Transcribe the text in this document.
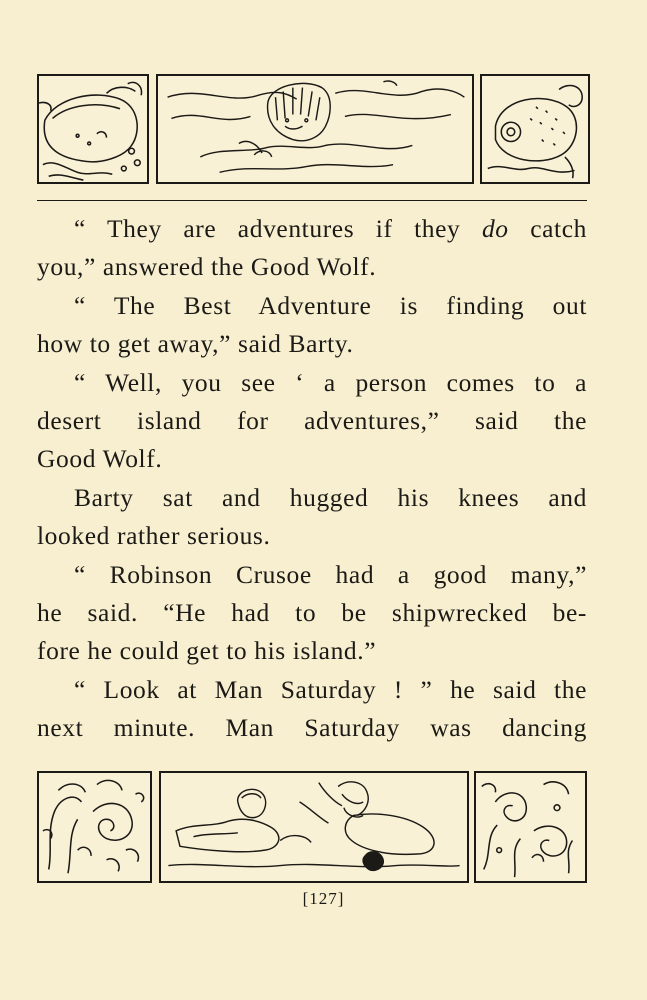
“ They are adventures if they do catch
you,” answered the Good Wolf.
“ The Best Adventure is finding out
how to get away,” said Barty.
“ Well, you see ‘ a person comes to a
desert island for adventures,” said the
Good Wolf.
Barty sat and hugged his knees and
looked rather serious.
“ Robinson Crusoe had a good many,”
he said. “He had to be shipwrecked be-
fore he could get to his island.”
“ Look at Man Saturday ! ” he said the
next minute. Man Saturday was dancing
[127]
